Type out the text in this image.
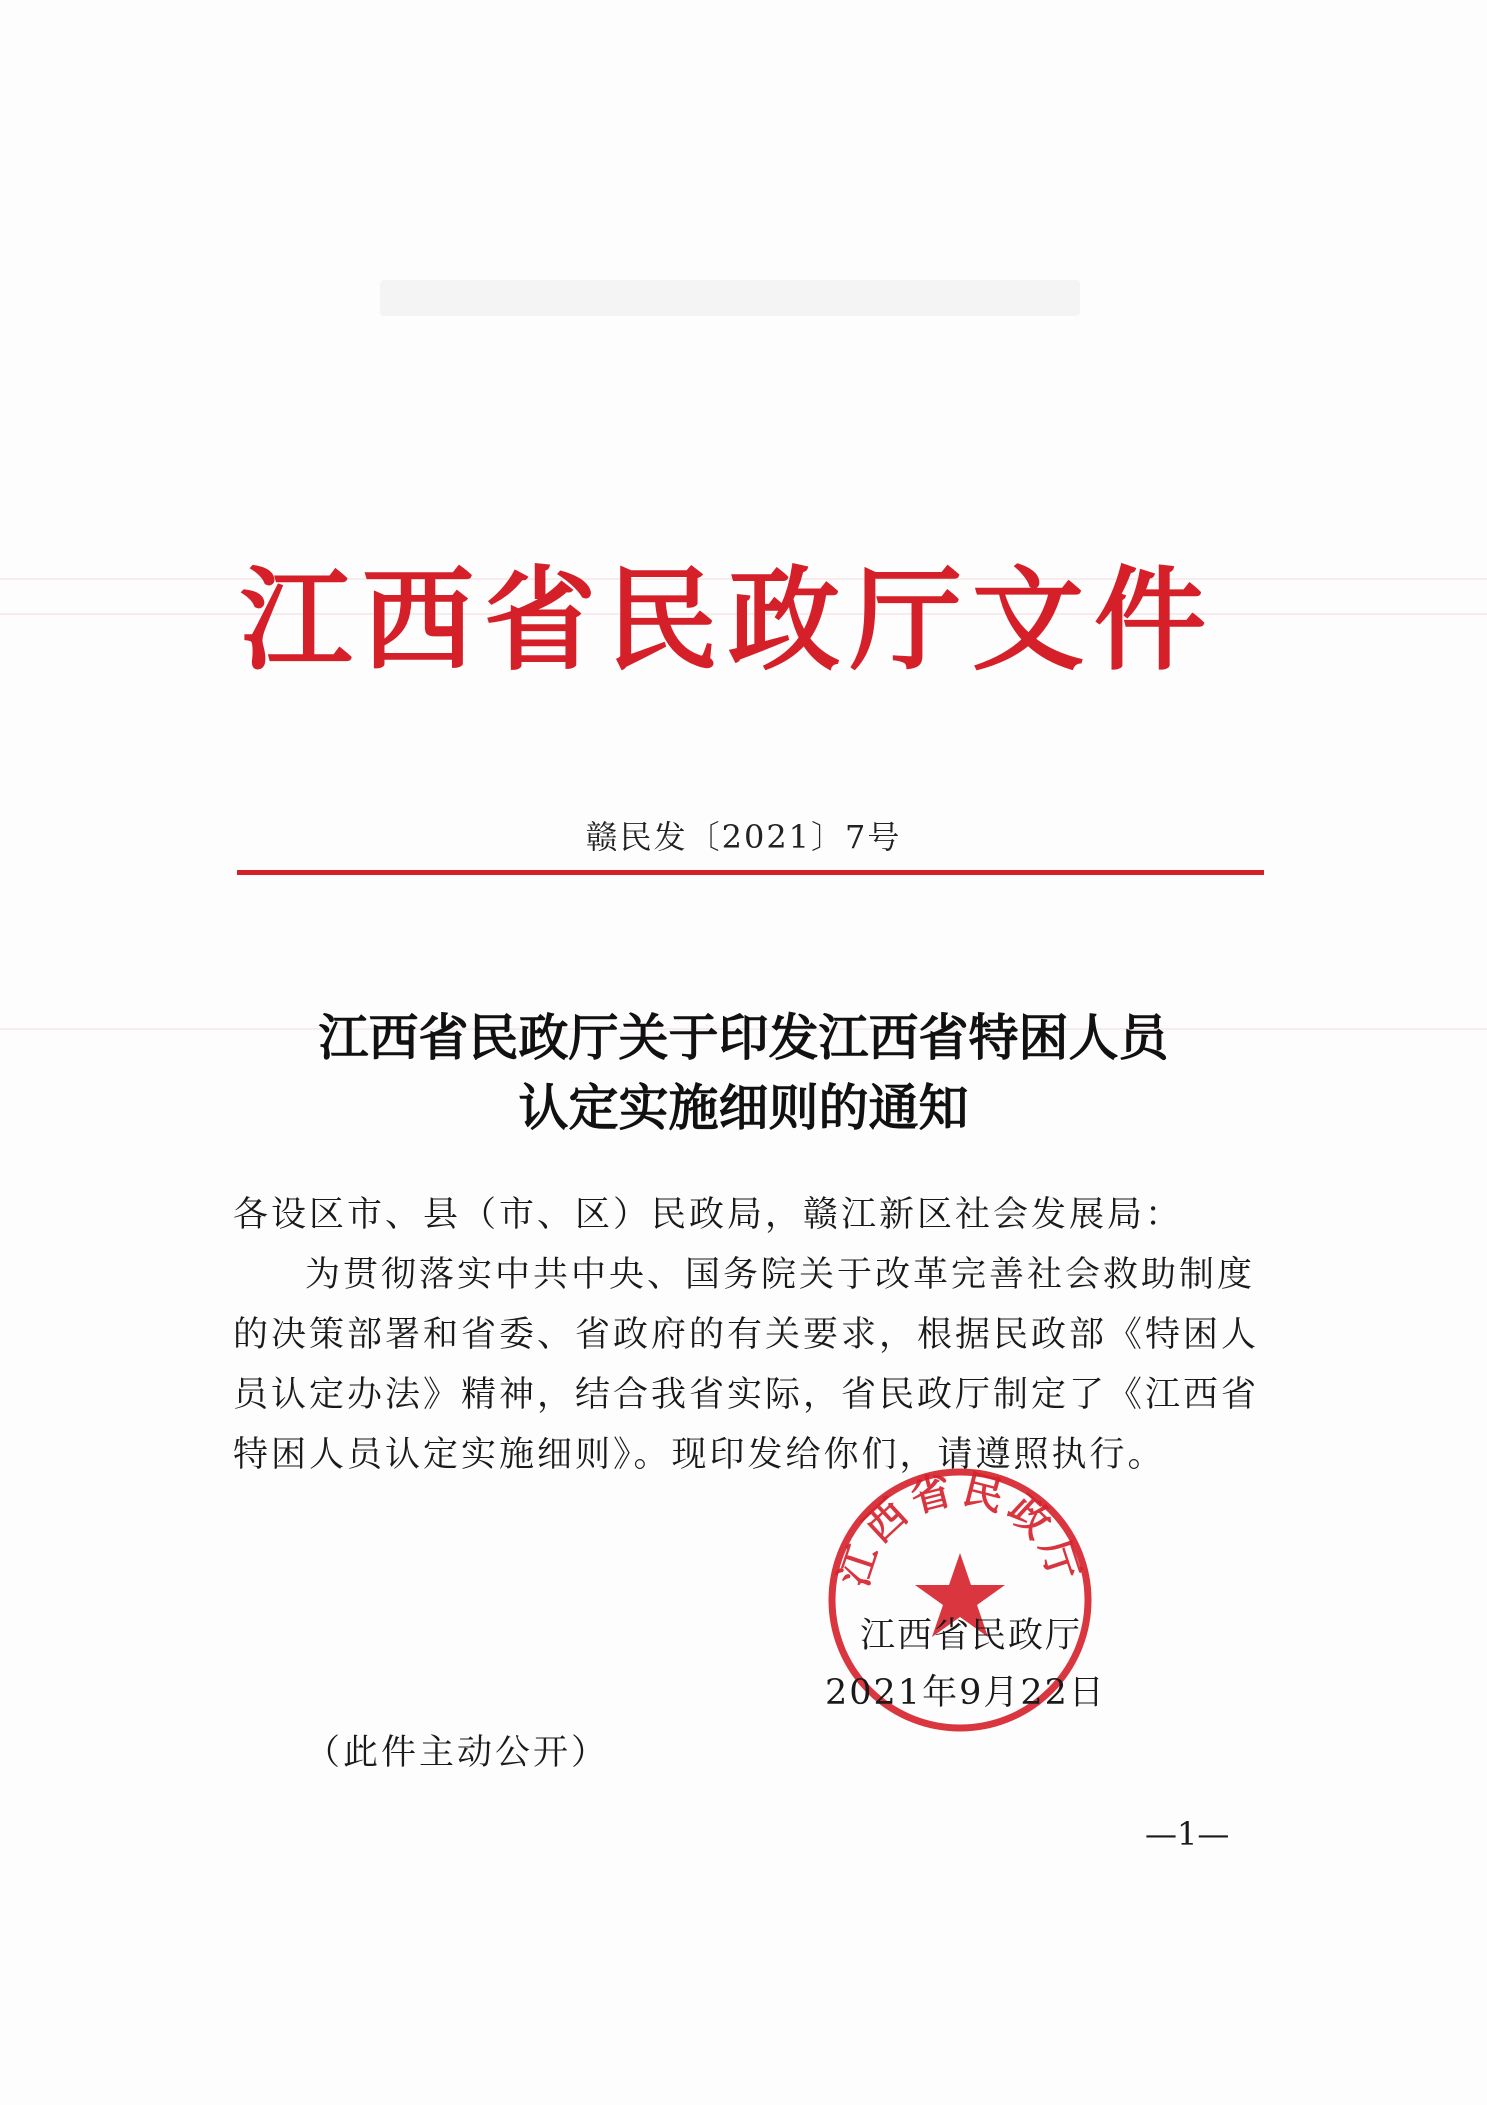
江西省民政厅文件
赣民发〔2021〕7号
江西省民政厅关于印发江西省特困人员
认定实施细则的通知

各设区市、县（市、区）民政局，赣江新区社会发展局：

为贯彻落实中共中央、国务院关于改革完善社会救助制度的决策部署和省委、省政府的有关要求，根据民政部《特困人员认定办法》精神，结合我省实际，省民政厅制定了《江西省特困人员认定实施细则》。现印发给你们，请遵照执行。

江西省民政厅
江西省民政厅
2021年9月22日
（此件主动公开）
—1—
